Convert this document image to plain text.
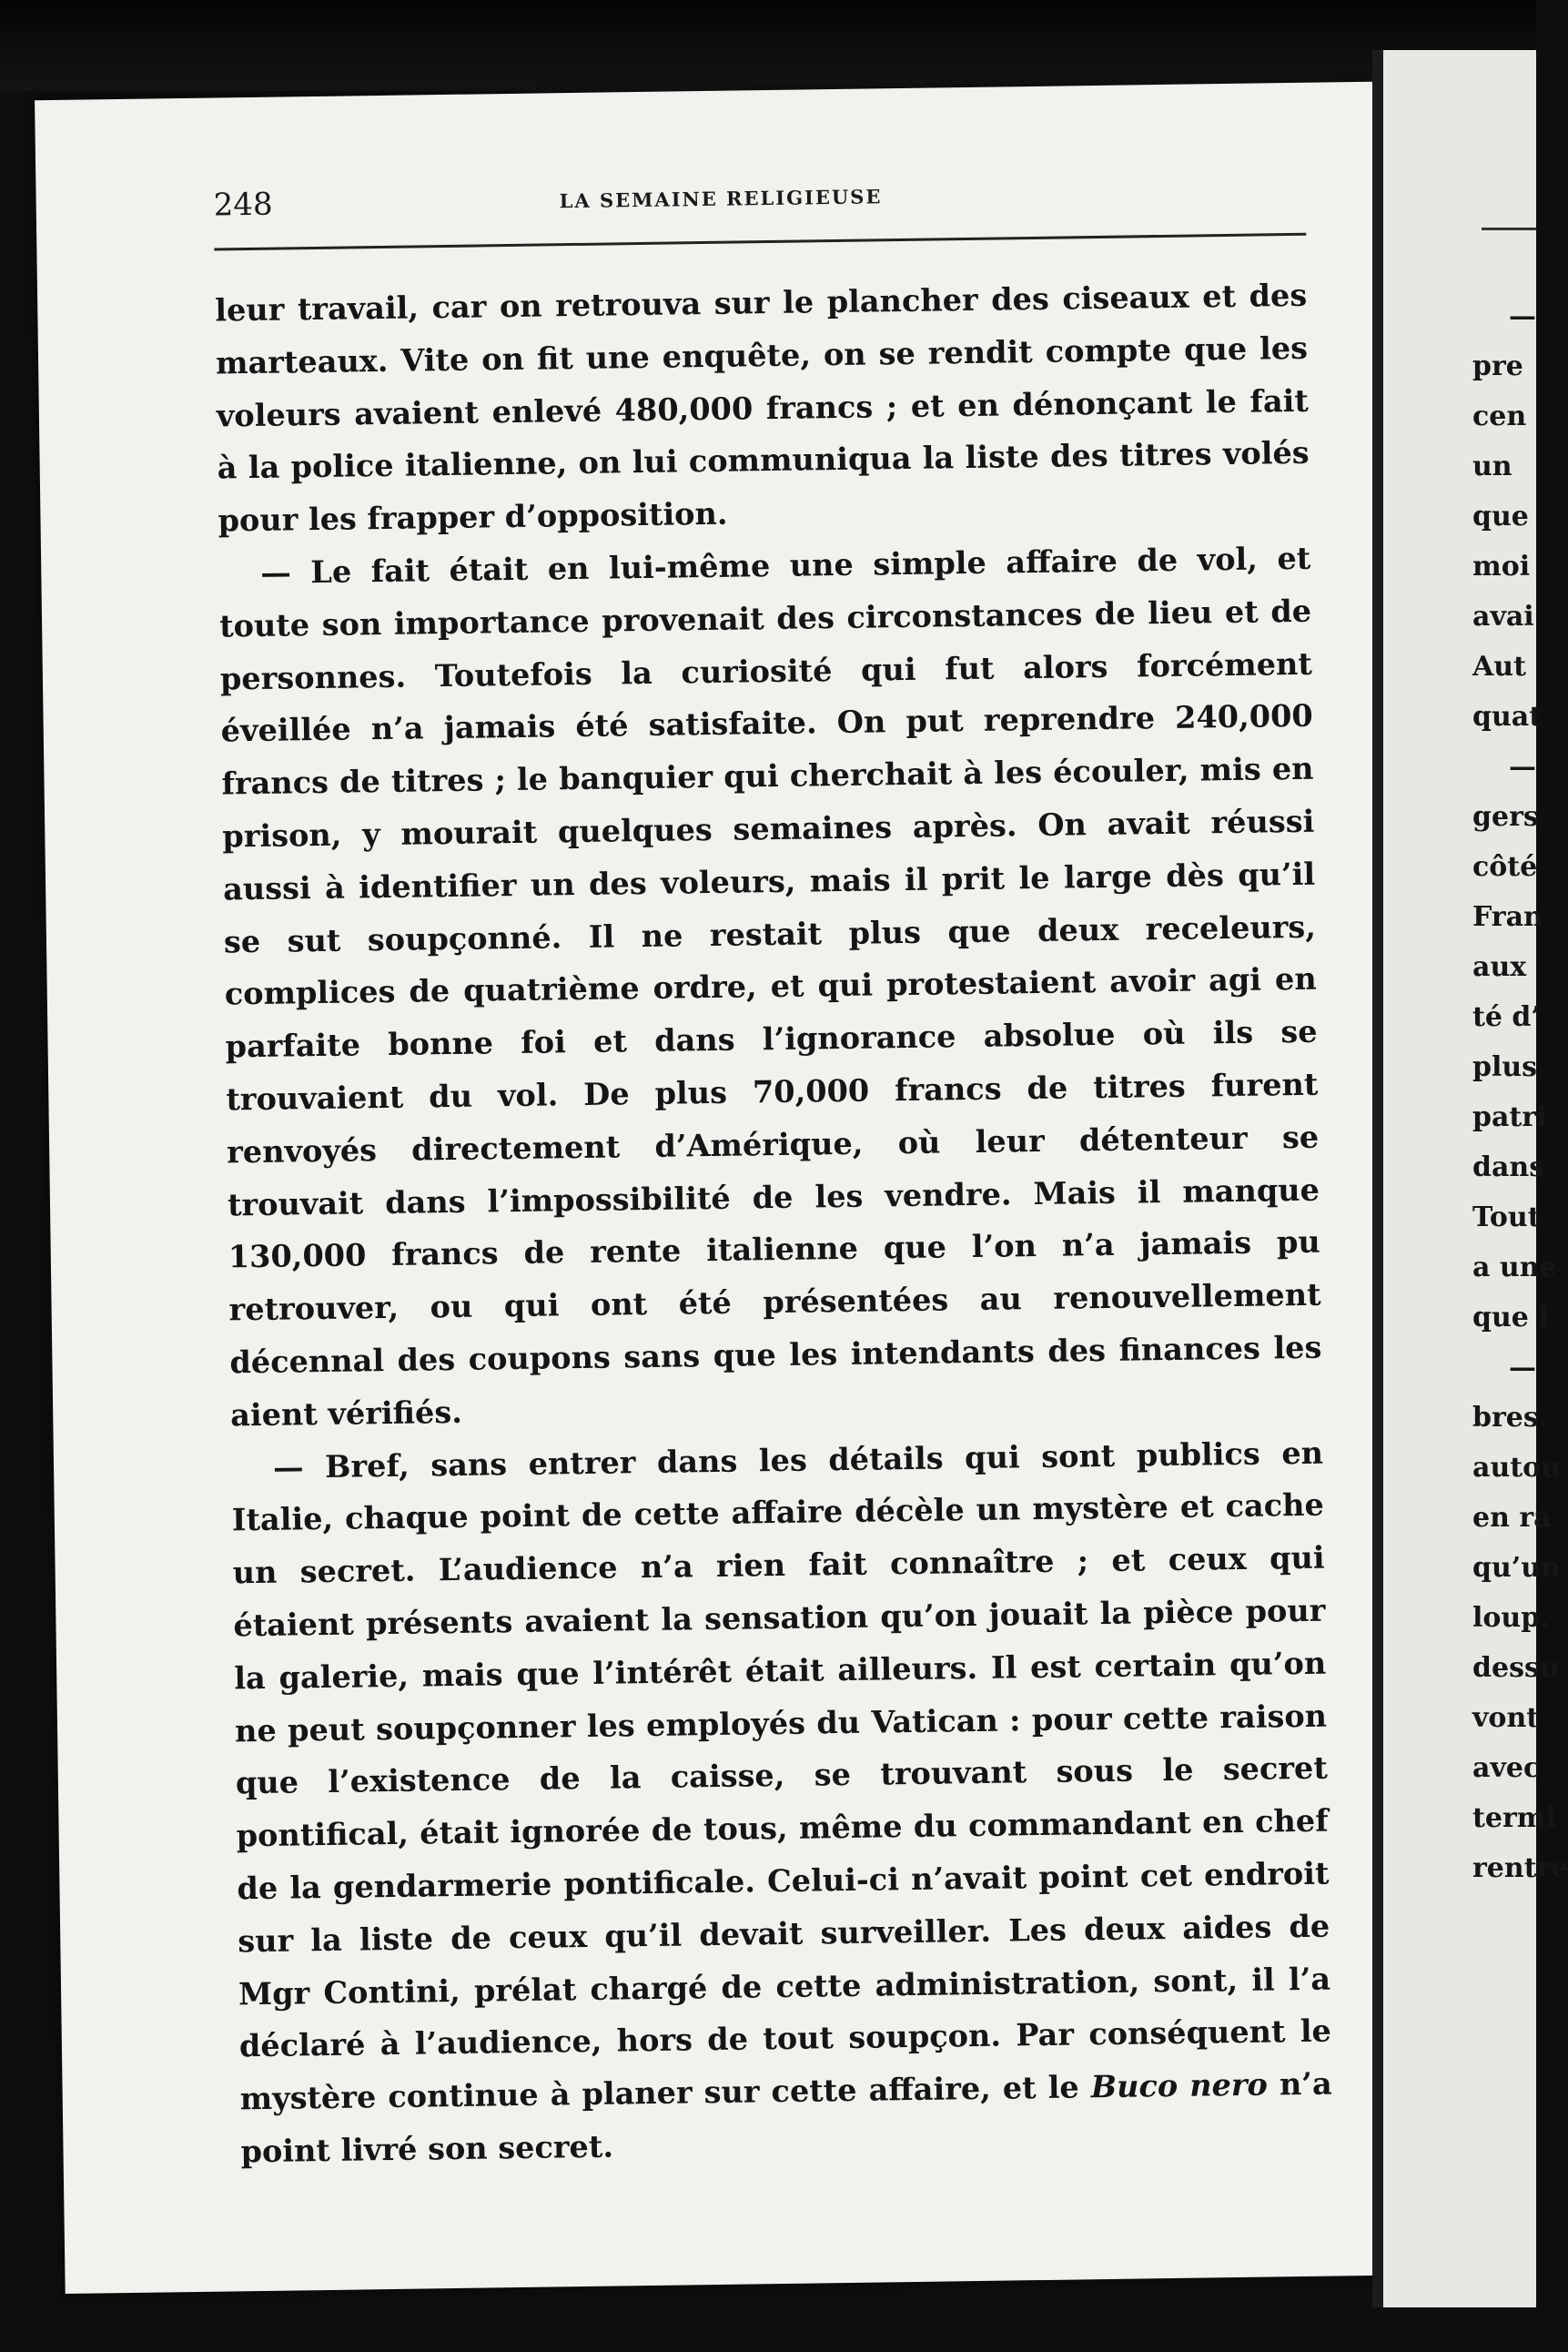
248	LA SEMAINE RELIGIEUSE

leur travail, car on retrouva sur le plancher des ciseaux et des marteaux. Vite on fit une enquête, on se rendit compte que les voleurs avaient enlevé 480,000 francs ; et en dénonçant le fait à la police italienne, on lui communiqua la liste des titres volés pour les frapper d’opposition.

— Le fait était en lui-même une simple affaire de vol, et toute son importance provenait des circonstances de lieu et de personnes. Toutefois la curiosité qui fut alors forcément éveillée n’a jamais été satisfaite. On put reprendre 240,000 francs de titres ; le banquier qui cherchait à les écouler, mis en prison, y mourait quelques semaines après. On avait réussi aussi à identifier un des voleurs, mais il prit le large dès qu’il se sut soupçonné. Il ne restait plus que deux receleurs, complices de quatrième ordre, et qui protestaient avoir agi en parfaite bonne foi et dans l’ignorance absolue où ils se trouvaient du vol. De plus 70,000 francs de titres furent renvoyés directement d’Amérique, où leur détenteur se trouvait dans l’impossibilité de les vendre. Mais il manque 130,000 francs de rente italienne que l’on n’a jamais pu retrouver, ou qui ont été présentées au renouvellement décennal des coupons sans que les intendants des finances les aient vérifiés.

— Bref, sans entrer dans les détails qui sont publics en Italie, chaque point de cette affaire décèle un mystère et cache un secret. L’audience n’a rien fait connaître ; et ceux qui étaient présents avaient la sensation qu’on jouait la pièce pour la galerie, mais que l’intérêt était ailleurs. Il est certain qu’on ne peut soupçonner les employés du Vatican : pour cette raison que l’existence de la caisse, se trouvant sous le secret pontifical, était ignorée de tous, même du commandant en chef de la gendarmerie pontificale. Celui-ci n’avait point cet endroit sur la liste de ceux qu’il devait surveiller. Les deux aides de Mgr Contini, prélat chargé de cette administration, sont, il l’a déclaré à l’audience, hors de tout soupçon. Par conséquent le mystère continue à planer sur cette affaire, et le Buco nero n’a point livré son secret.

—
pre
cen
un
que
moi
avai
Aut
quat
—
gers
côté
Fran
aux
té d’
plus
patri
dans
Tout
a une
que l
—
bres.
autou
en ra
qu’un
loup.
dessu
vont
avec
termi
rentre
